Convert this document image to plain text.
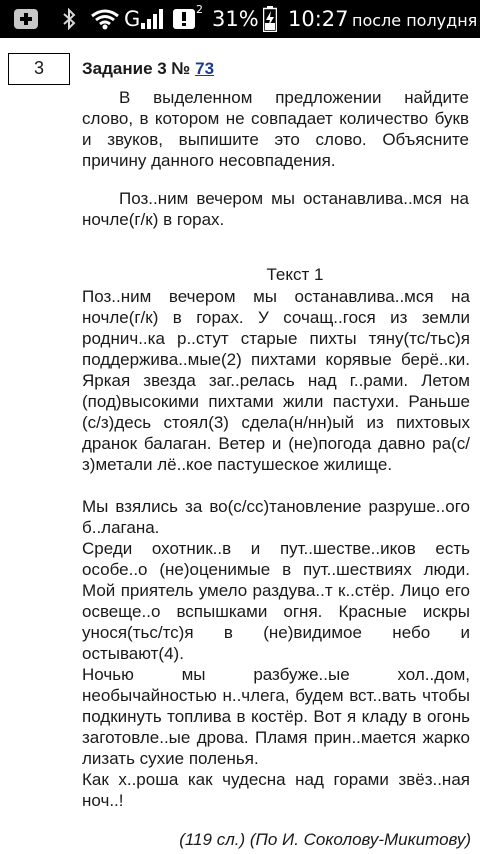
G	2 31% 10:27 после полудня
3	Задание 3 № 73

В выделенном предложении найдите слово, в котором не совпадает количество букв и звуков, выпишите это слово. Объясните причину данного несовпадения.

Поз..ним вечером мы останавлива..мся на ночле(г/к) в горах.

Текст 1

Поз..ним вечером мы останавлива..мся на ночле(г/к) в горах. У сочащ..гося из земли роднич..ка р..стут старые пихты тяну(тс/тьс)я поддержива..мые(2) пихтами корявые берё..ки. Яркая звезда заг..релась над г..рами. Летом (под)высокими пихтами жили пастухи. Раньше (с/з)десь стоял(3) сдела(н/нн)ый из пихтовых дранок балаган. Ветер и (не)погода давно ра(с/з)метали лё..кое пастушеское жилище.

Мы взялись за во(с/сс)тановление разруше..ого б..лагана.

Среди охотник..в и пут..шестве..иков есть особе..о (не)оценимые в пут..шествиях люди. Мой приятель умело раздува..т к..стёр. Лицо его освеще..о вспышками огня. Красные искры унося(тьс/тс)я в (не)видимое небо и остывают(4).

Ночью мы разбуже..ые хол..дом, необычайностью н..члега, будем вст..вать чтобы подкинуть топлива в костёр. Вот я кладу в огонь заготовле..ые дрова. Пламя прин..мается жарко лизать сухие поленья.

Как х..роша как чудесна над горами звёз..ная ноч..!

(119 сл.) (По И. Соколову-Микитову)
